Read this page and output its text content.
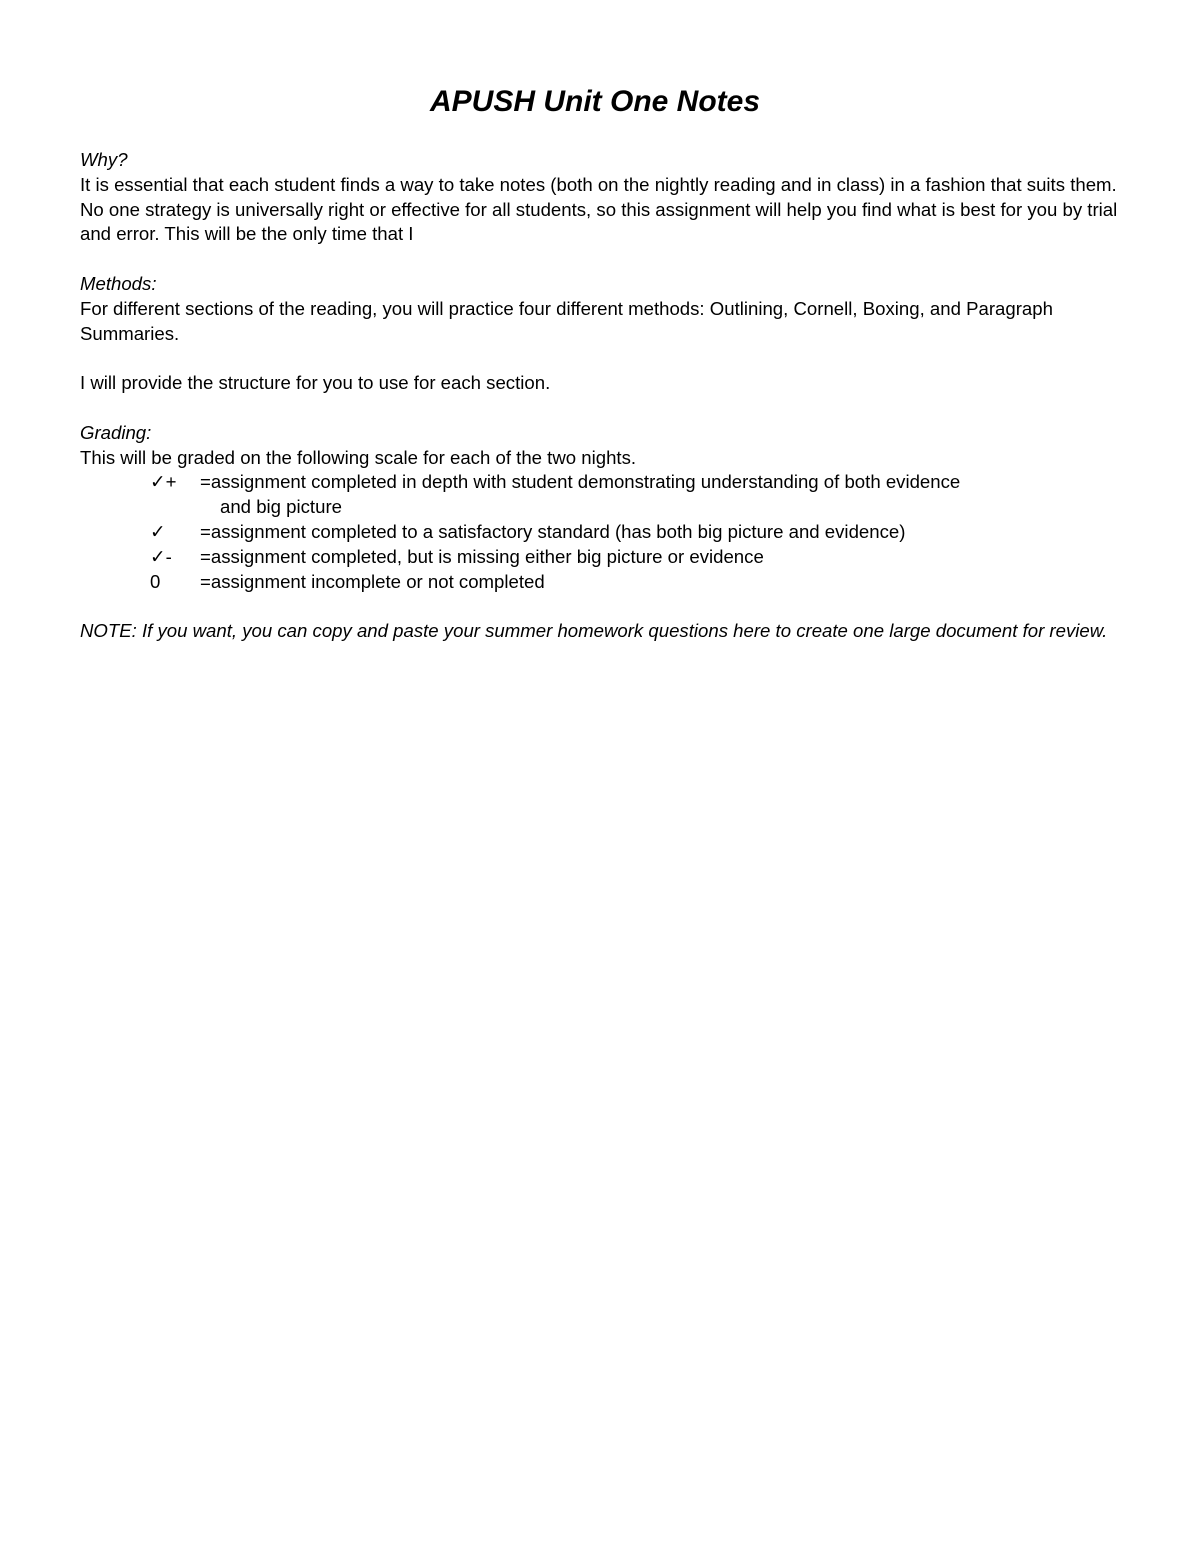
APUSH Unit One Notes

Why?

It is essential that each student finds a way to take notes (both on the nightly reading and in class) in a fashion that suits them. No one strategy is universally right or effective for all students, so this assignment will help you find what is best for you by trial and error. This will be the only time that I

Methods:

For different sections of the reading, you will practice four different methods: Outlining, Cornell, Boxing, and Paragraph Summaries.

I will provide the structure for you to use for each section.

Grading:

This will be graded on the following scale for each of the two nights.

✓+	=assignment completed in depth with student demonstrating understanding of both evidence
and big picture
✓	=assignment completed to a satisfactory standard (has both big picture and evidence)
✓-	=assignment completed, but is missing either big picture or evidence
0	=assignment incomplete or not completed

NOTE: If you want, you can copy and paste your summer homework questions here to create one large document for review.
